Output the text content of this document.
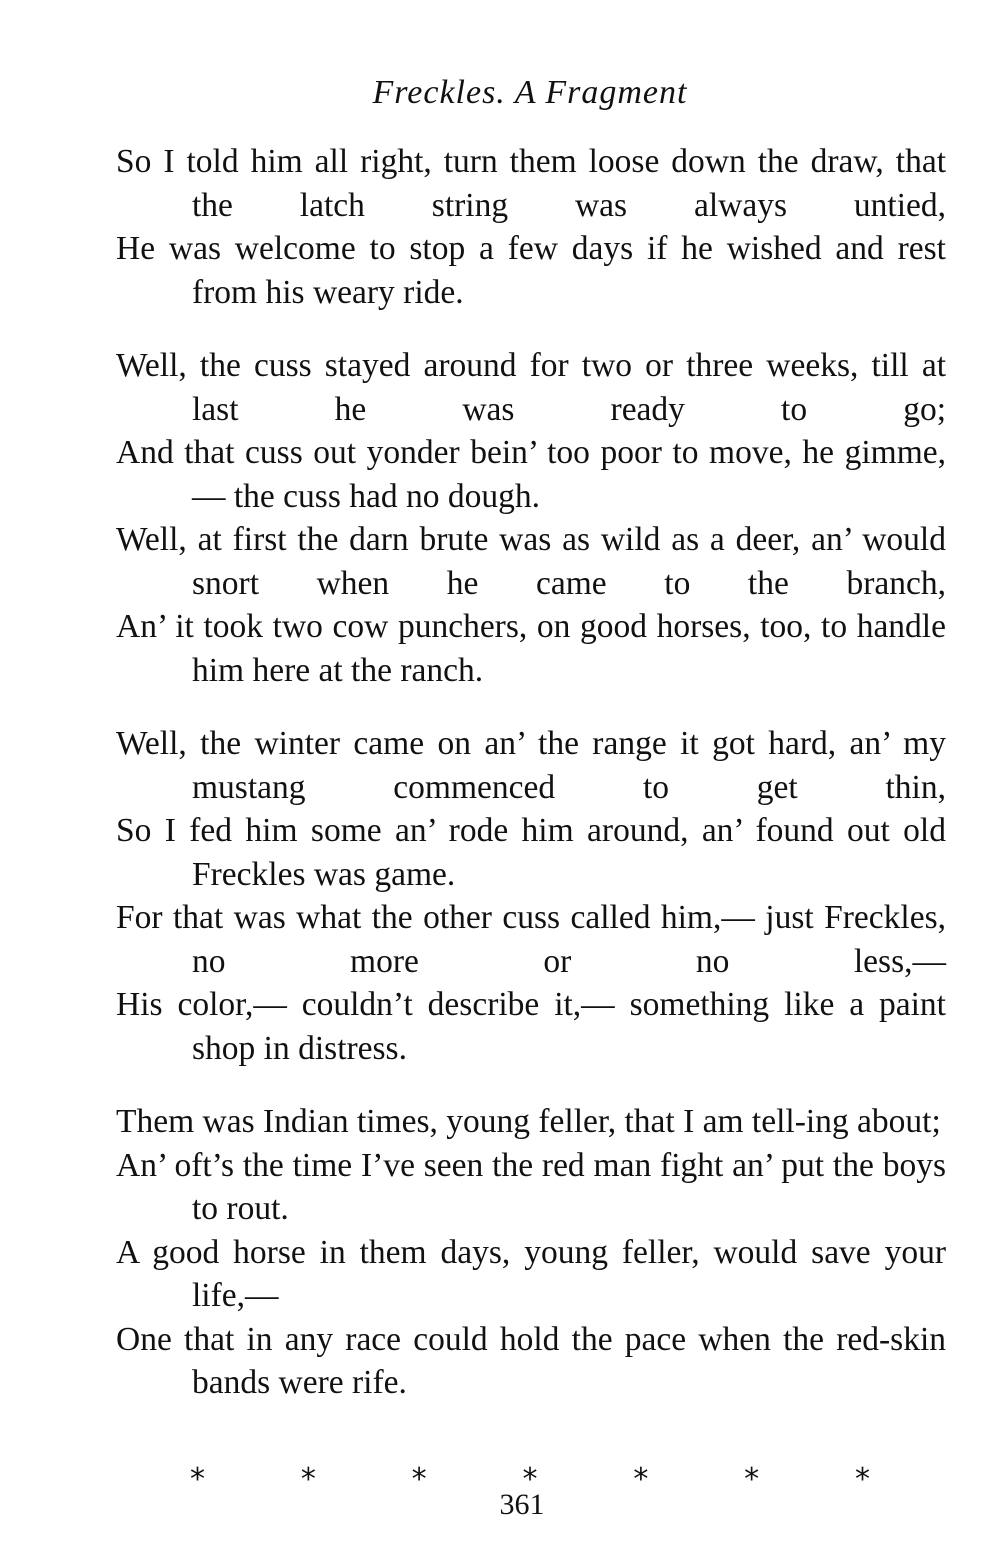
Freckles. A Fragment
So I told him all right, turn them loose down the draw, that the latch string was always untied,
He was welcome to stop a few days if he wished and rest from his weary ride.
Well, the cuss stayed around for two or three weeks, till at last he was ready to go;
And that cuss out yonder bein’ too poor to move, he gimme,— the cuss had no dough.
Well, at first the darn brute was as wild as a deer, an’ would snort when he came to the branch,
An’ it took two cow punchers, on good horses, too, to handle him here at the ranch.
Well, the winter came on an’ the range it got hard, an’ my mustang commenced to get thin,
So I fed him some an’ rode him around, an’ found out old Freckles was game.
For that was what the other cuss called him,— just Freckles, no more or no less,—
His color,— couldn’t describe it,— something like a paint shop in distress.
Them was Indian times, young feller, that I am tell-ing about;
An’ oft’s the time I’ve seen the red man fight an’ put the boys to rout.
A good horse in them days, young feller, would save your life,—
One that in any race could hold the pace when the red-skin bands were rife.
*	*	*	*	*	*	*
361
